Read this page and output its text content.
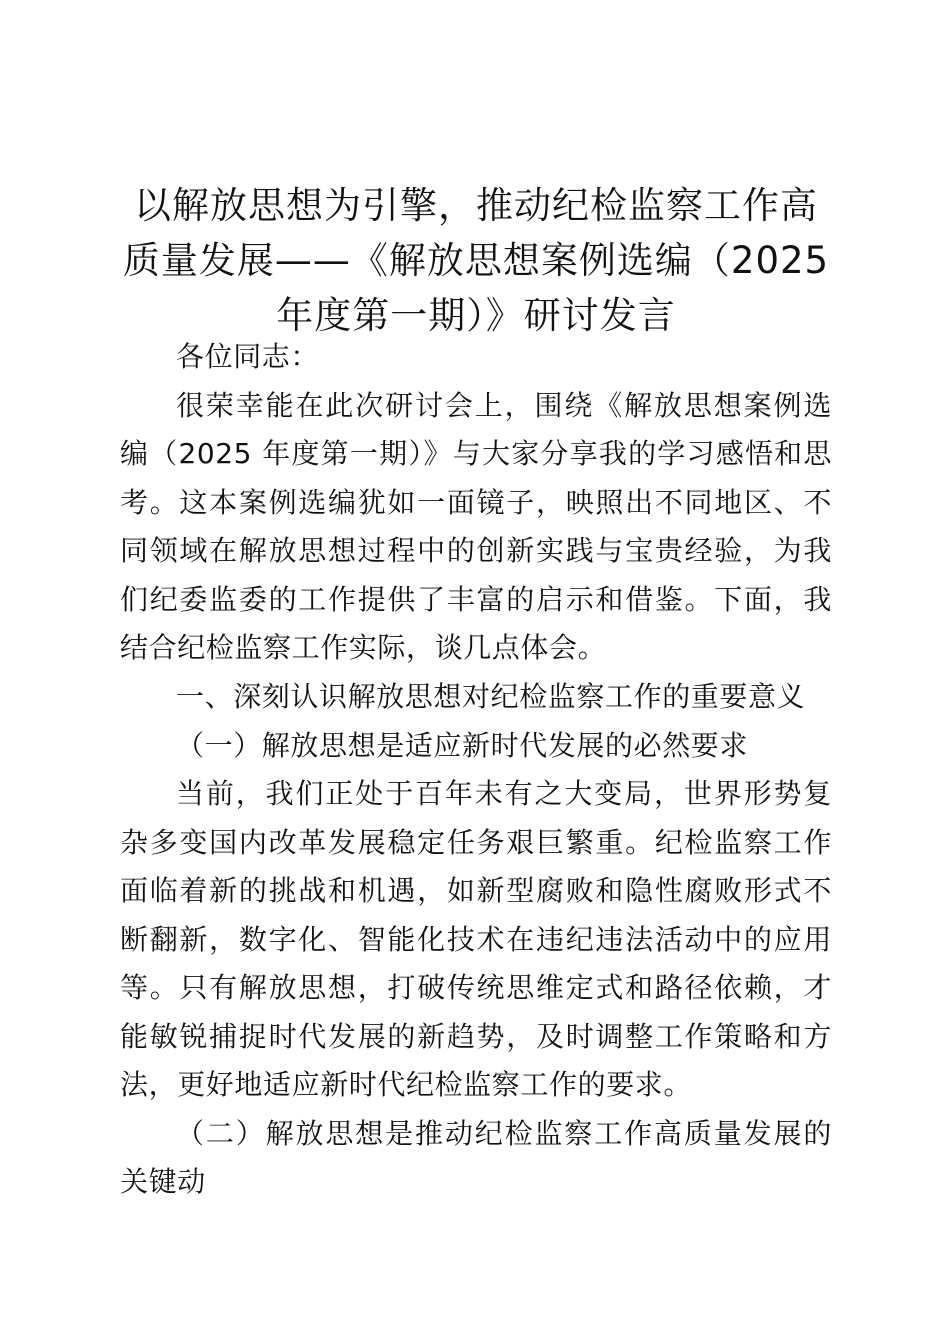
以解放思想为引擎，推动纪检监察工作高质量发展——《解放思想案例选编（2025 年度第一期）》研讨发言

各位同志：

很荣幸能在此次研讨会上，围绕《解放思想案例选编（2025 年度第一期）》与大家分享我的学习感悟和思考。这本案例选编犹如一面镜子，映照出不同地区、不同领域在解放思想过程中的创新实践与宝贵经验，为我们纪委监委的工作提供了丰富的启示和借鉴。下面，我结合纪检监察工作实际，谈几点体会。

一、深刻认识解放思想对纪检监察工作的重要意义

（一）解放思想是适应新时代发展的必然要求

当前，我们正处于百年未有之大变局，世界形势复杂多变国内改革发展稳定任务艰巨繁重。纪检监察工作面临着新的挑战和机遇，如新型腐败和隐性腐败形式不断翻新，数字化、智能化技术在违纪违法活动中的应用等。只有解放思想，打破传统思维定式和路径依赖，才能敏锐捕捉时代发展的新趋势，及时调整工作策略和方法，更好地适应新时代纪检监察工作的要求。

（二）解放思想是推动纪检监察工作高质量发展的关键动
